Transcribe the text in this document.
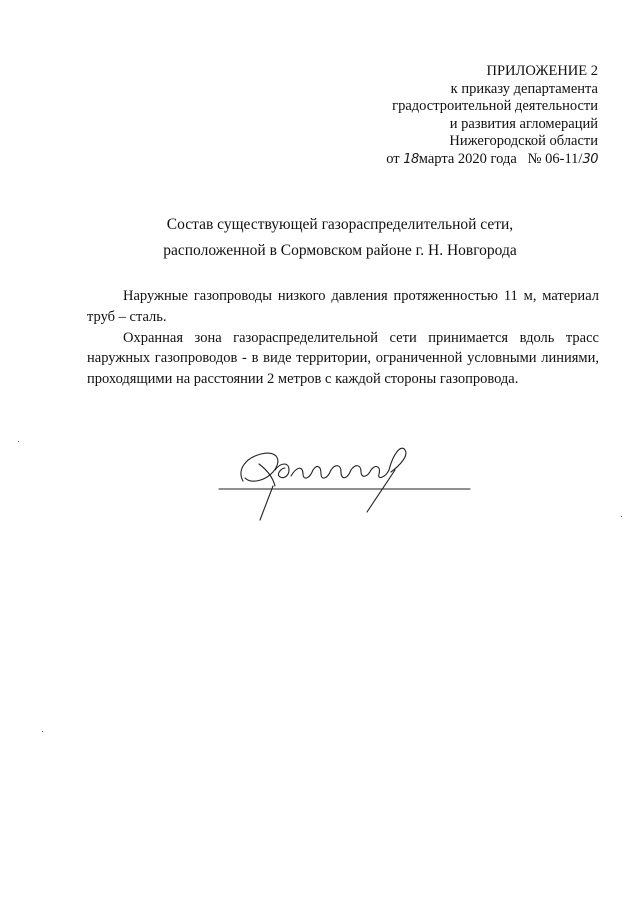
ПРИЛОЖЕНИЕ 2
к приказу департамента
градостроительной деятельности
и развития агломераций
Нижегородской области
от 18марта 2020 года № 06-11/30
Состав существующей газораспределительной сети,
расположенной в Сормовском районе г. Н. Новгорода

Наружные газопроводы низкого давления протяженностью 11 м, материал труб – сталь.

Охранная зона газораспределительной сети принимается вдоль трасс наружных газопроводов - в виде территории, ограниченной условными линиями, проходящими на расстоянии 2 метров с каждой стороны газопровода.
